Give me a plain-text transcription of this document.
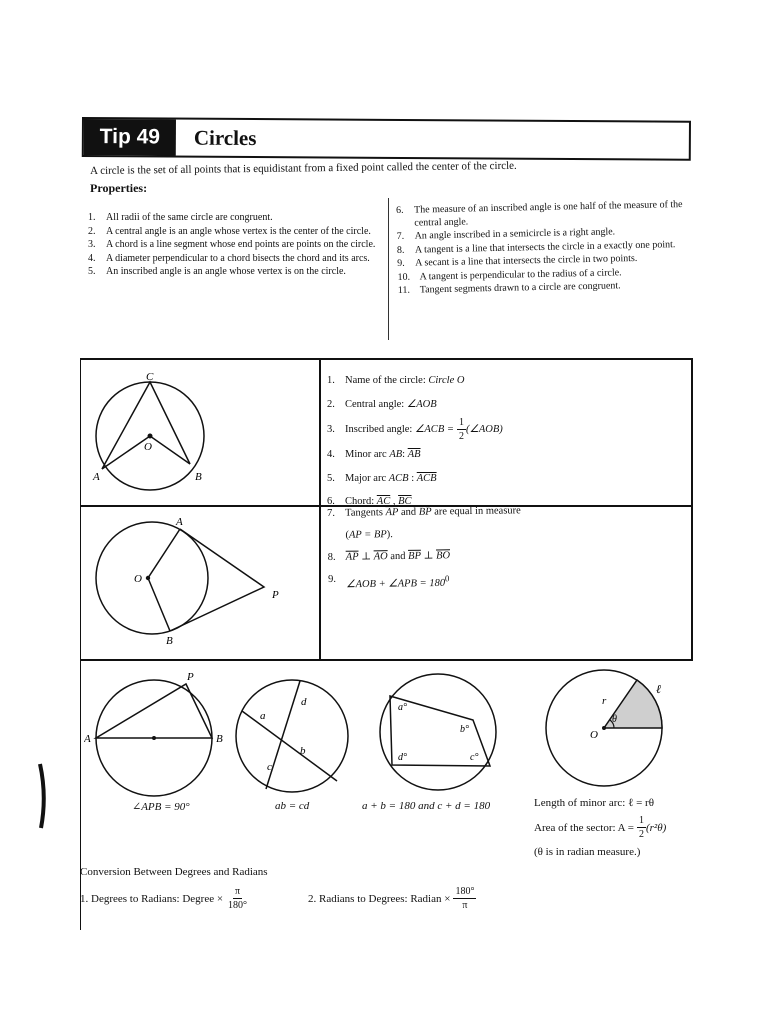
Tip 49	Circles
A circle is the set of all points that is equidistant from a fixed point called the center of the circle.
Properties:
1. All radii of the same circle are congruent.
2. A central angle is an angle whose vertex is the center of the circle.
3. A chord is a line segment whose end points are points on the circle.
4. A diameter perpendicular to a chord bisects the chord and its arcs.
5. An inscribed angle is an angle whose vertex is on the circle.
6. The measure of an inscribed angle is one half of the measure of the central angle.
7. An angle inscribed in a semicircle is a right angle.
8. A tangent is a line that intersects the circle in a exactly one point.
9. A secant is a line that intersects the circle in two points.
10. A tangent is perpendicular to the radius of a circle.
11. Tangent segments drawn to a circle are congruent.
C
O
A	B
1. Name of the circle: Circle O
2. Central angle: ∠AOB
3. Inscribed angle:
∠ACB = $\frac{1}{2}$ (∠AOB)
4. Minor arc AB: $\overline{AB}$
5. Major arc ACB : $\overline{ACB}$
6. Chord: $\overline{AC}$ , $\overline{BC}$
A
O
P
B
7. Tangents $\overline{AP}$ and $\overline{BP}$ are equal in measure
(AP = BP).
8. $\overline{AP}$ ⊥ $\overline{AO}$ and $\overline{BP}$ ⊥ $\overline{BO}$
9. ∠AOB + ∠APB = $180^0$
P
A	B
∠APB = 90°
a
b
c
d
ab = cd
a°
b°
c°
d°
a + b = 180 and c + d = 180
θ
r
ℓ
O
Length of minor arc: ℓ = rθ
Area of the sector: $A = \frac{1}{2} (r^2\theta)$
(θ is in radian measure.)
Conversion Between Degrees and Radians
1. Degrees to Radians: Degree × $\frac{\pi}{180^\circ}$	2. Radians to Degrees: Radian × $\frac{180^\circ}{\pi}$
